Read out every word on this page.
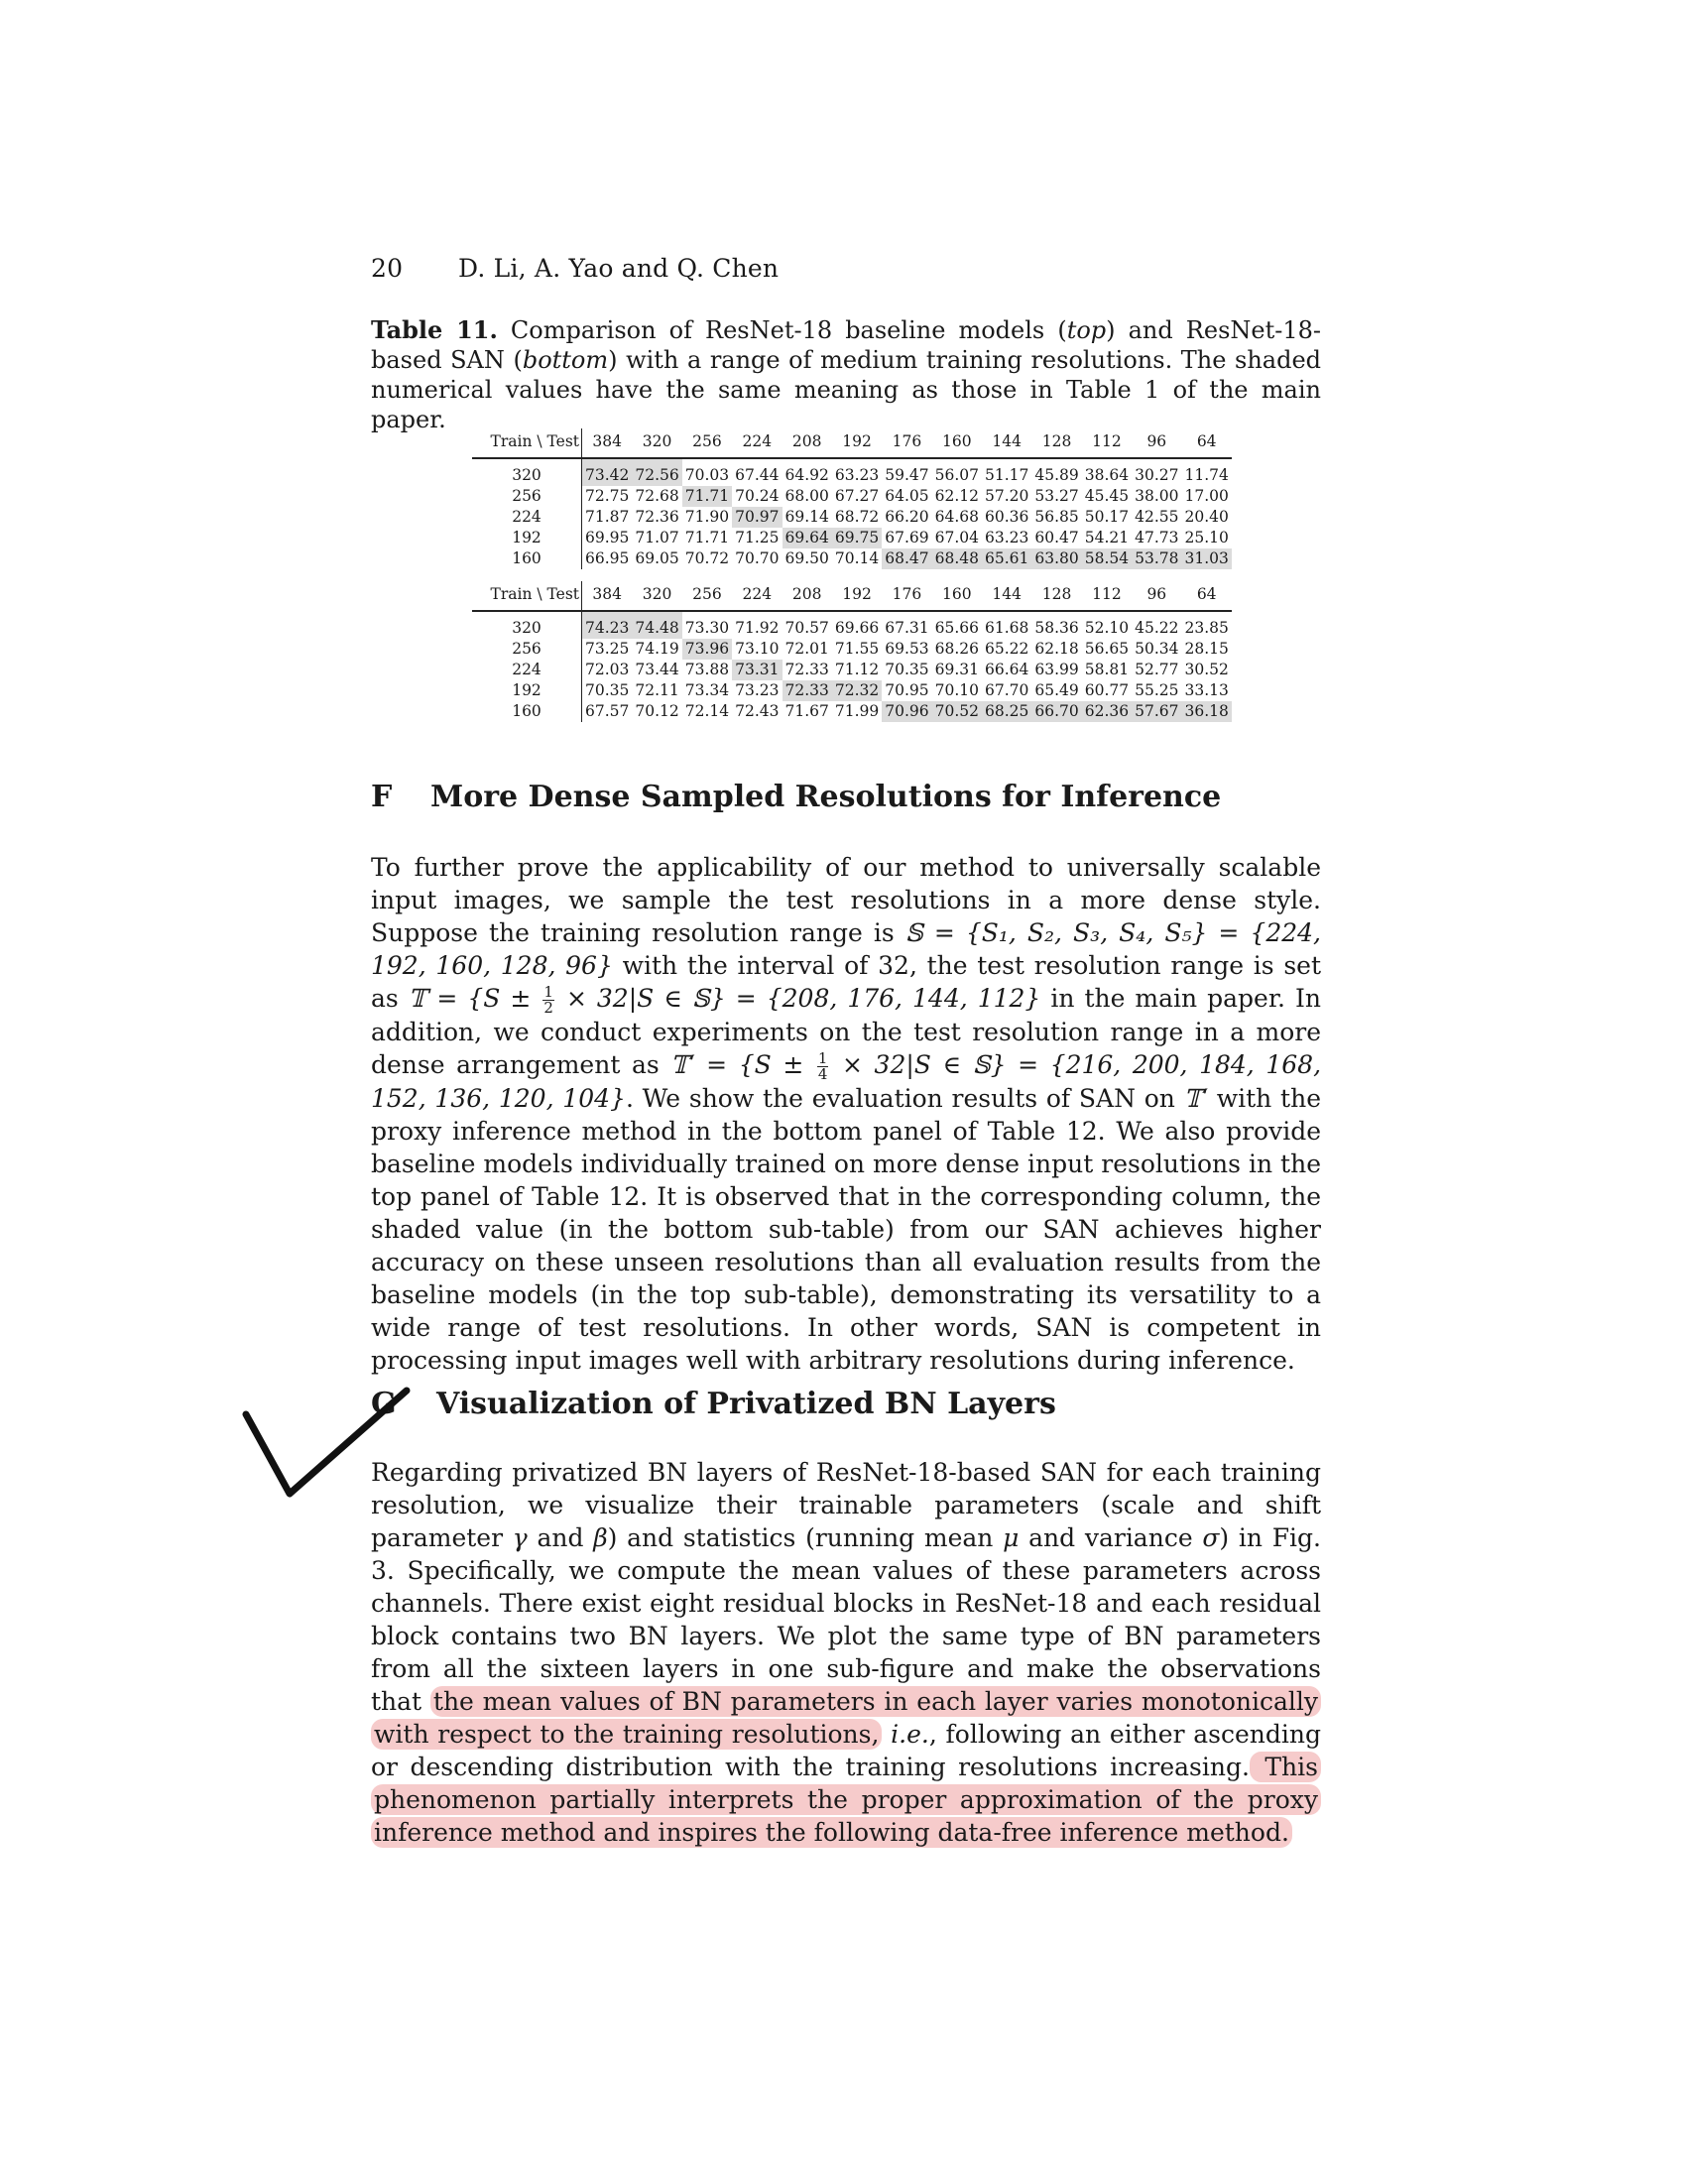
20 D. Li, A. Yao and Q. Chen
Table 11. Comparison of ResNet-18 baseline models (top) and ResNet-18-based SAN (bottom) with a range of medium training resolutions. The shaded numerical values have the same meaning as those in Table 1 of the main paper.
Train \ Test	384	320	256	224	208	192	176	160	144	128	112	96	64
320	73.42	72.56	70.03	67.44	64.92	63.23	59.47	56.07	51.17	45.89	38.64	30.27	11.74
256	72.75	72.68	71.71	70.24	68.00	67.27	64.05	62.12	57.20	53.27	45.45	38.00	17.00
224	71.87	72.36	71.90	70.97	69.14	68.72	66.20	64.68	60.36	56.85	50.17	42.55	20.40
192	69.95	71.07	71.71	71.25	69.64	69.75	67.69	67.04	63.23	60.47	54.21	47.73	25.10
160	66.95	69.05	70.72	70.70	69.50	70.14	68.47	68.48	65.61	63.80	58.54	53.78	31.03
Train \ Test	384	320	256	224	208	192	176	160	144	128	112	96	64
320	74.23	74.48	73.30	71.92	70.57	69.66	67.31	65.66	61.68	58.36	52.10	45.22	23.85
256	73.25	74.19	73.96	73.10	72.01	71.55	69.53	68.26	65.22	62.18	56.65	50.34	28.15
224	72.03	73.44	73.88	73.31	72.33	71.12	70.35	69.31	66.64	63.99	58.81	52.77	30.52
192	70.35	72.11	73.34	73.23	72.33	72.32	70.95	70.10	67.70	65.49	60.77	55.25	33.13
160	67.57	70.12	72.14	72.43	71.67	71.99	70.96	70.52	68.25	66.70	62.36	57.67	36.18
F More Dense Sampled Resolutions for Inference
To further prove the applicability of our method to universally scalable input images, we sample the test resolutions in a more dense style. Suppose the training resolution range is 𝕊 = {S₁, S₂, S₃, S₄, S₅} = {224, 192, 160, 128, 96} with the interval of 32, the test resolution range is set as 𝕋 = {$S \pm \frac{1}{2} \times 32|S$ ∈ 𝕊} = {208, 176, 144, 112} in the main paper. In addition, we conduct experiments on the test resolution range in a more dense arrangement as 𝕋′ = {$S \pm \frac{1}{4} \times 32|S$ ∈ 𝕊} = {216, 200, 184, 168, 152, 136, 120, 104}. We show the evaluation results of SAN on 𝕋′ with the proxy inference method in the bottom panel of Table 12. We also provide baseline models individually trained on more dense input resolutions in the top panel of Table 12. It is observed that in the corresponding column, the shaded value (in the bottom sub-table) from our SAN achieves higher accuracy on these unseen resolutions than all evaluation results from the baseline models (in the top sub-table), demonstrating its versatility to a wide range of test resolutions. In other words, SAN is competent in processing input images well with arbitrary resolutions during inference.
G Visualization of Privatized BN Layers
Regarding privatized BN layers of ResNet-18-based SAN for each training resolution, we visualize their trainable parameters (scale and shift parameter γ and β) and statistics (running mean μ and variance σ) in Fig. 3. Specifically, we compute the mean values of these parameters across channels. There exist eight residual blocks in ResNet-18 and each residual block contains two BN layers. We plot the same type of BN parameters from all the sixteen layers in one sub-figure and make the observations that the mean values of BN parameters in each layer varies monotonically with respect to the training resolutions, i.e., following an either ascending or descending distribution with the training resolutions increasing. This phenomenon partially interprets the proper approximation of the proxy inference method and inspires the following data-free inference method.
